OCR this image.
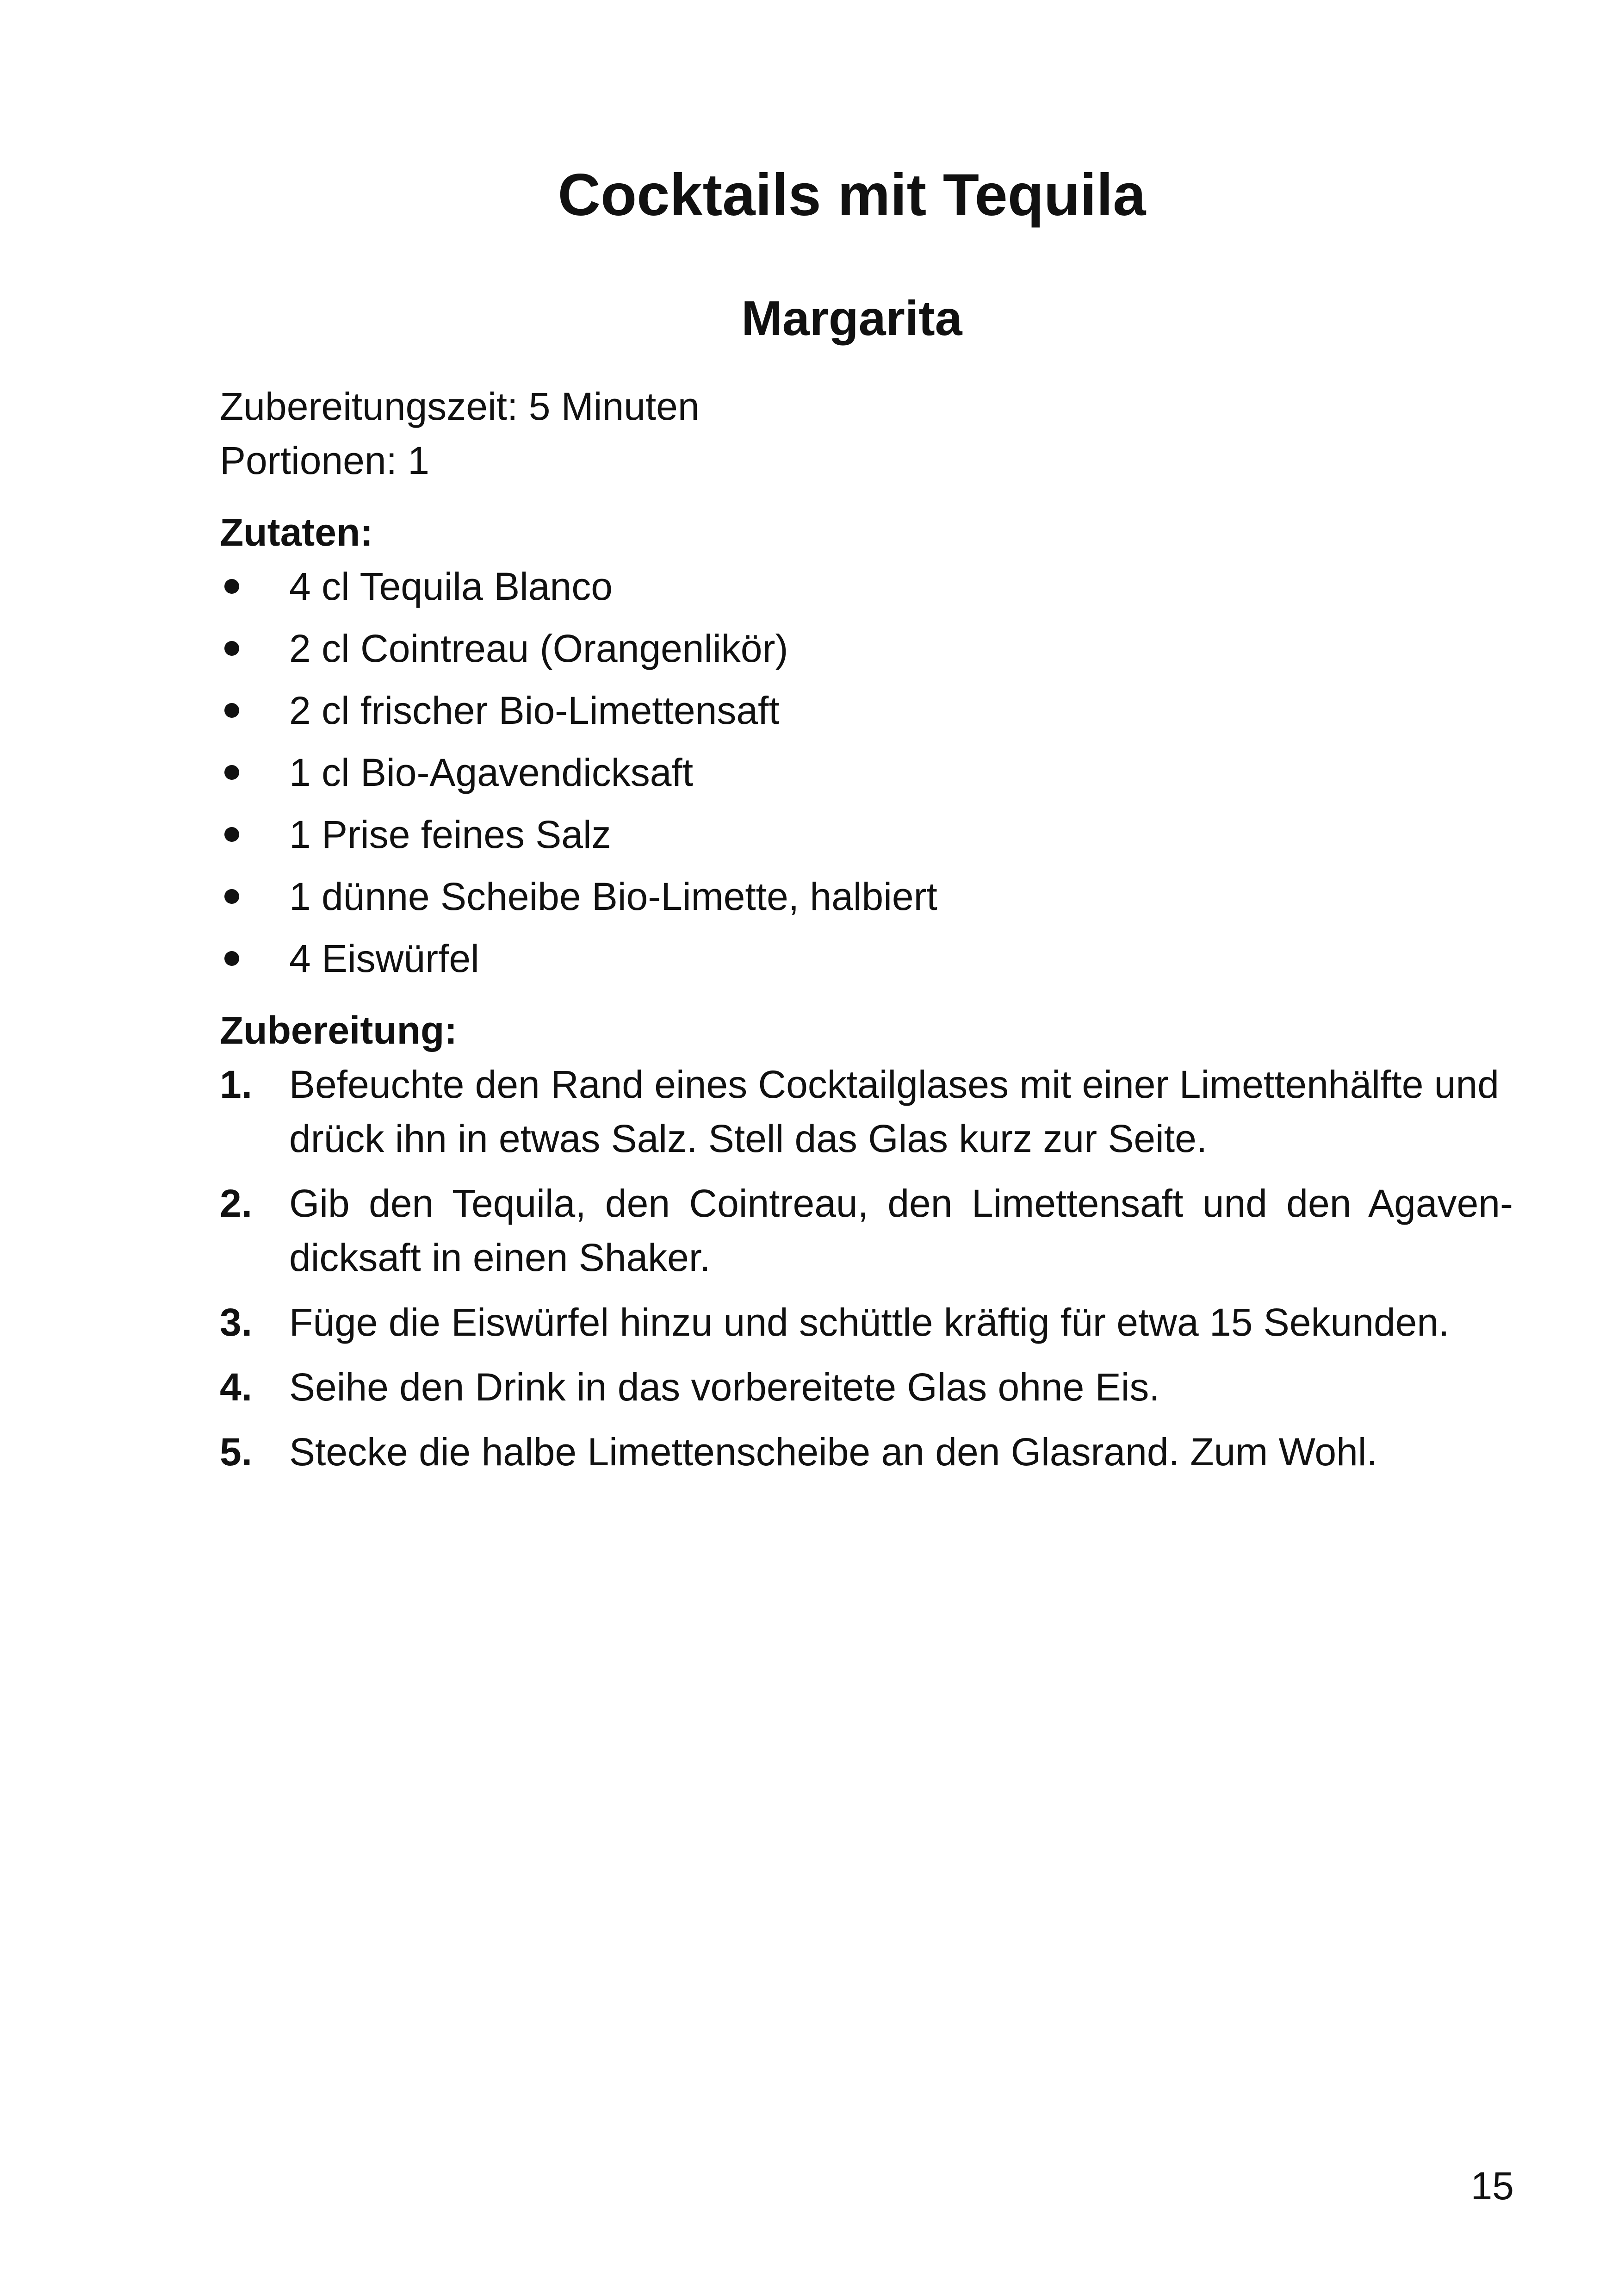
Cocktails mit Tequila
Margarita

Zubereitungszeit: 5 Minuten

Portionen: 1

Zutaten:
4 cl Tequila Blanco
2 cl Cointreau (Orangenlikör)
2 cl frischer Bio-Limettensaft
1 cl Bio-Agavendicksaft
1 Prise feines Salz
1 dünne Scheibe Bio-Limette, halbiert
4 Eiswürfel
Zubereitung:
1. Befeuchte den Rand eines Cocktailglases mit einer Limettenhälfte und drück ihn in etwas Salz. Stell das Glas kurz zur Seite.
2. Gib den Tequila, den Cointreau, den Limettensaft und den Agaven-dicksaft in einen Shaker.
3. Füge die Eiswürfel hinzu und schüttle kräftig für etwa 15 Sekunden.
4. Seihe den Drink in das vorbereitete Glas ohne Eis.
5. Stecke die halbe Limettenscheibe an den Glasrand. Zum Wohl.
15
